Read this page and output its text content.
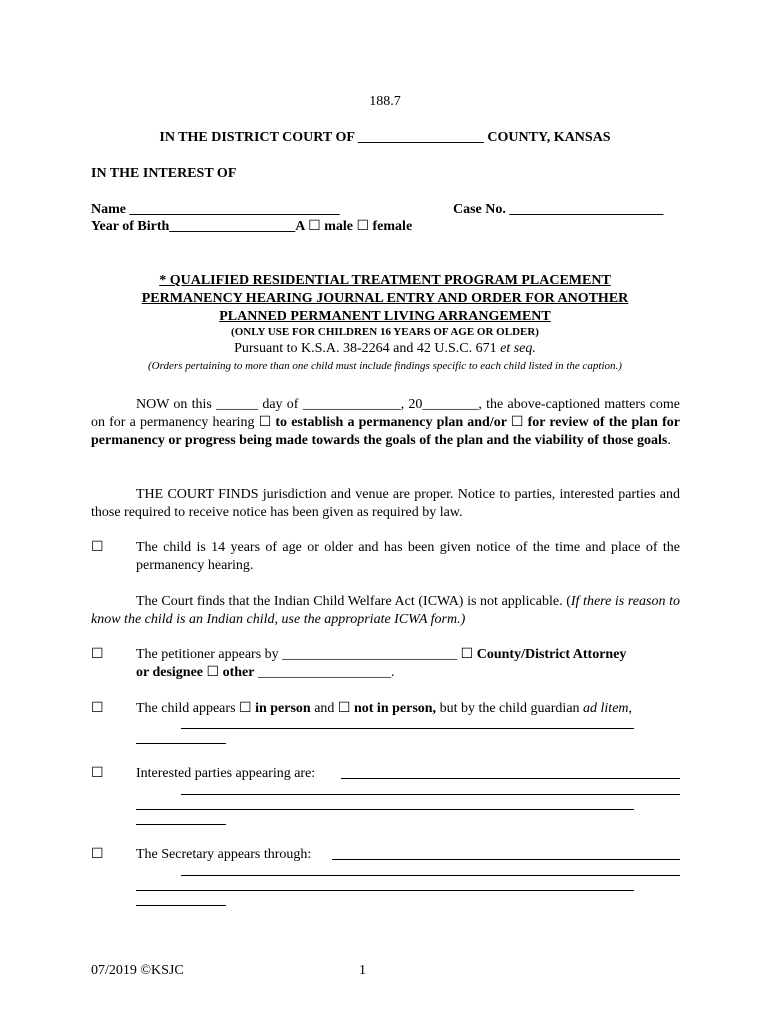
188.7
IN THE DISTRICT COURT OF __________________ COUNTY, KANSAS
IN THE INTEREST OF
Name ______________________________	Case No. ______________________
Year of Birth__________________A ☐ male ☐ female
* QUALIFIED RESIDENTIAL TREATMENT PROGRAM PLACEMENT
PERMANENCY HEARING JOURNAL ENTRY AND ORDER FOR ANOTHER
PLANNED PERMANENT LIVING ARRANGEMENT
(ONLY USE FOR CHILDREN 16 YEARS OF AGE OR OLDER)
Pursuant to K.S.A. 38-2264 and 42 U.S.C. 671 et seq.
(Orders pertaining to more than one child must include findings specific to each child listed in the caption.)
NOW on this ______ day of ______________, 20________, the above-captioned matters come on for a permanency hearing ☐ to establish a permanency plan and/or ☐ for review of the plan for permanency or progress being made towards the goals of the plan and the viability of those goals.
THE COURT FINDS jurisdiction and venue are proper. Notice to parties, interested parties and those required to receive notice has been given as required by law.
☐ The child is 14 years of age or older and has been given notice of the time and place of the permanency hearing.
The Court finds that the Indian Child Welfare Act (ICWA) is not applicable. (If there is reason to know the child is an Indian child, use the appropriate ICWA form.)
☐ The petitioner appears by _________________________ ☐ County/District Attorney
or designee ☐ other ___________________.
☐ The child appears ☐ in person and ☐ not in person, but by the child guardian ad litem,
☐ Interested parties appearing are:
☐ The Secretary appears through:
07/2019 ©KSJC	1
